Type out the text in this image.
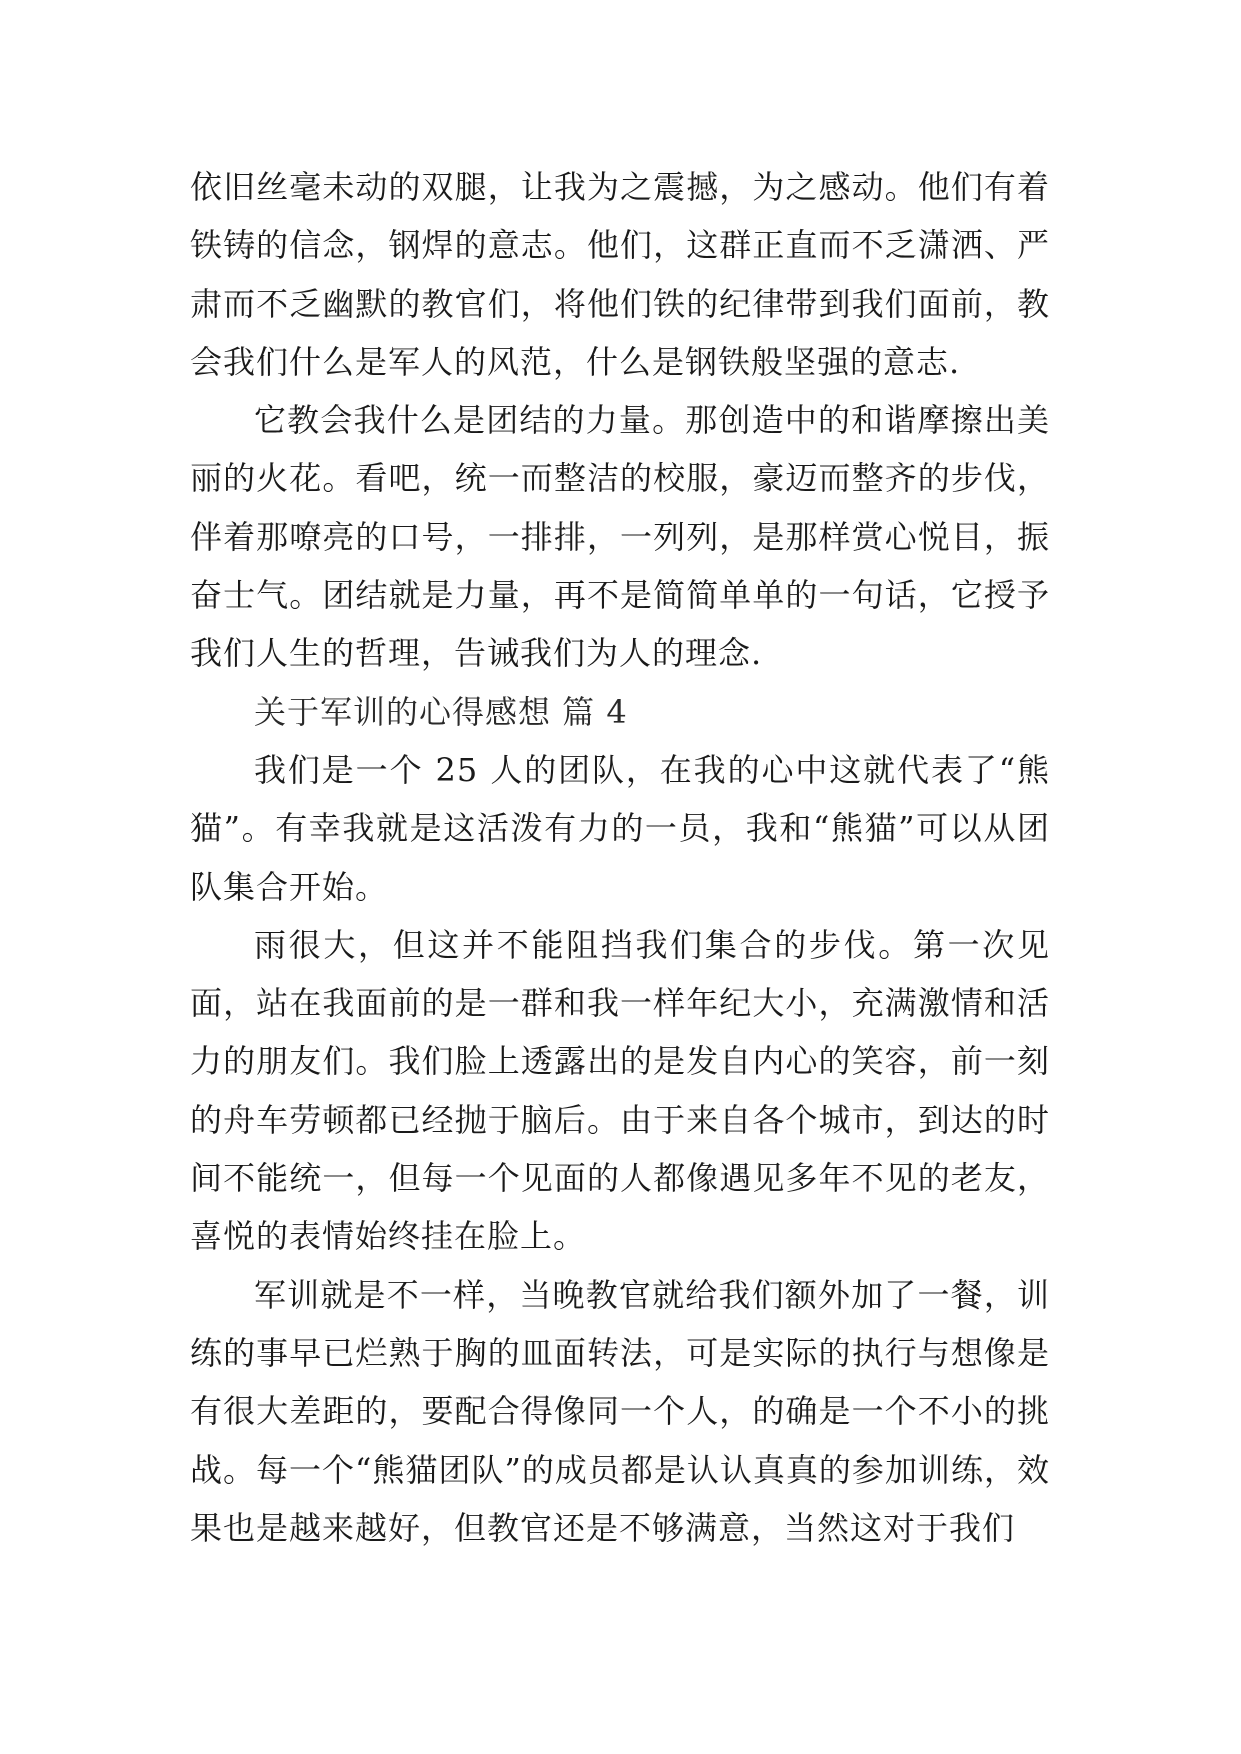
依旧丝毫未动的双腿，让我为之震撼，为之感动。他们有着铁铸的信念，钢焊的意志。他们，这群正直而不乏潇洒、严肃而不乏幽默的教官们，将他们铁的纪律带到我们面前，教会我们什么是军人的风范，什么是钢铁般坚强的意志.

它教会我什么是团结的力量。那创造中的和谐摩擦出美丽的火花。看吧，统一而整洁的校服，豪迈而整齐的步伐，伴着那嘹亮的口号，一排排，一列列，是那样赏心悦目，振奋士气。团结就是力量，再不是简简单单的一句话，它授予我们人生的哲理，告诫我们为人的理念.

关于军训的心得感想 篇 4

我们是一个 25 人的团队，在我的心中这就代表了“熊猫”。有幸我就是这活泼有力的一员，我和“熊猫”可以从团队集合开始。

雨很大，但这并不能阻挡我们集合的步伐。第一次见面，站在我面前的是一群和我一样年纪大小，充满激情和活力的朋友们。我们脸上透露出的是发自内心的笑容，前一刻的舟车劳顿都已经抛于脑后。由于来自各个城市，到达的时间不能统一，但每一个见面的人都像遇见多年不见的老友，喜悦的表情始终挂在脸上。

军训就是不一样，当晚教官就给我们额外加了一餐，训练的事早已烂熟于胸的皿面转法，可是实际的执行与想像是有很大差距的，要配合得像同一个人，的确是一个不小的挑战。每一个“熊猫团队”的成员都是认认真真的参加训练，效果也是越来越好，但教官还是不够满意，当然这对于我们
